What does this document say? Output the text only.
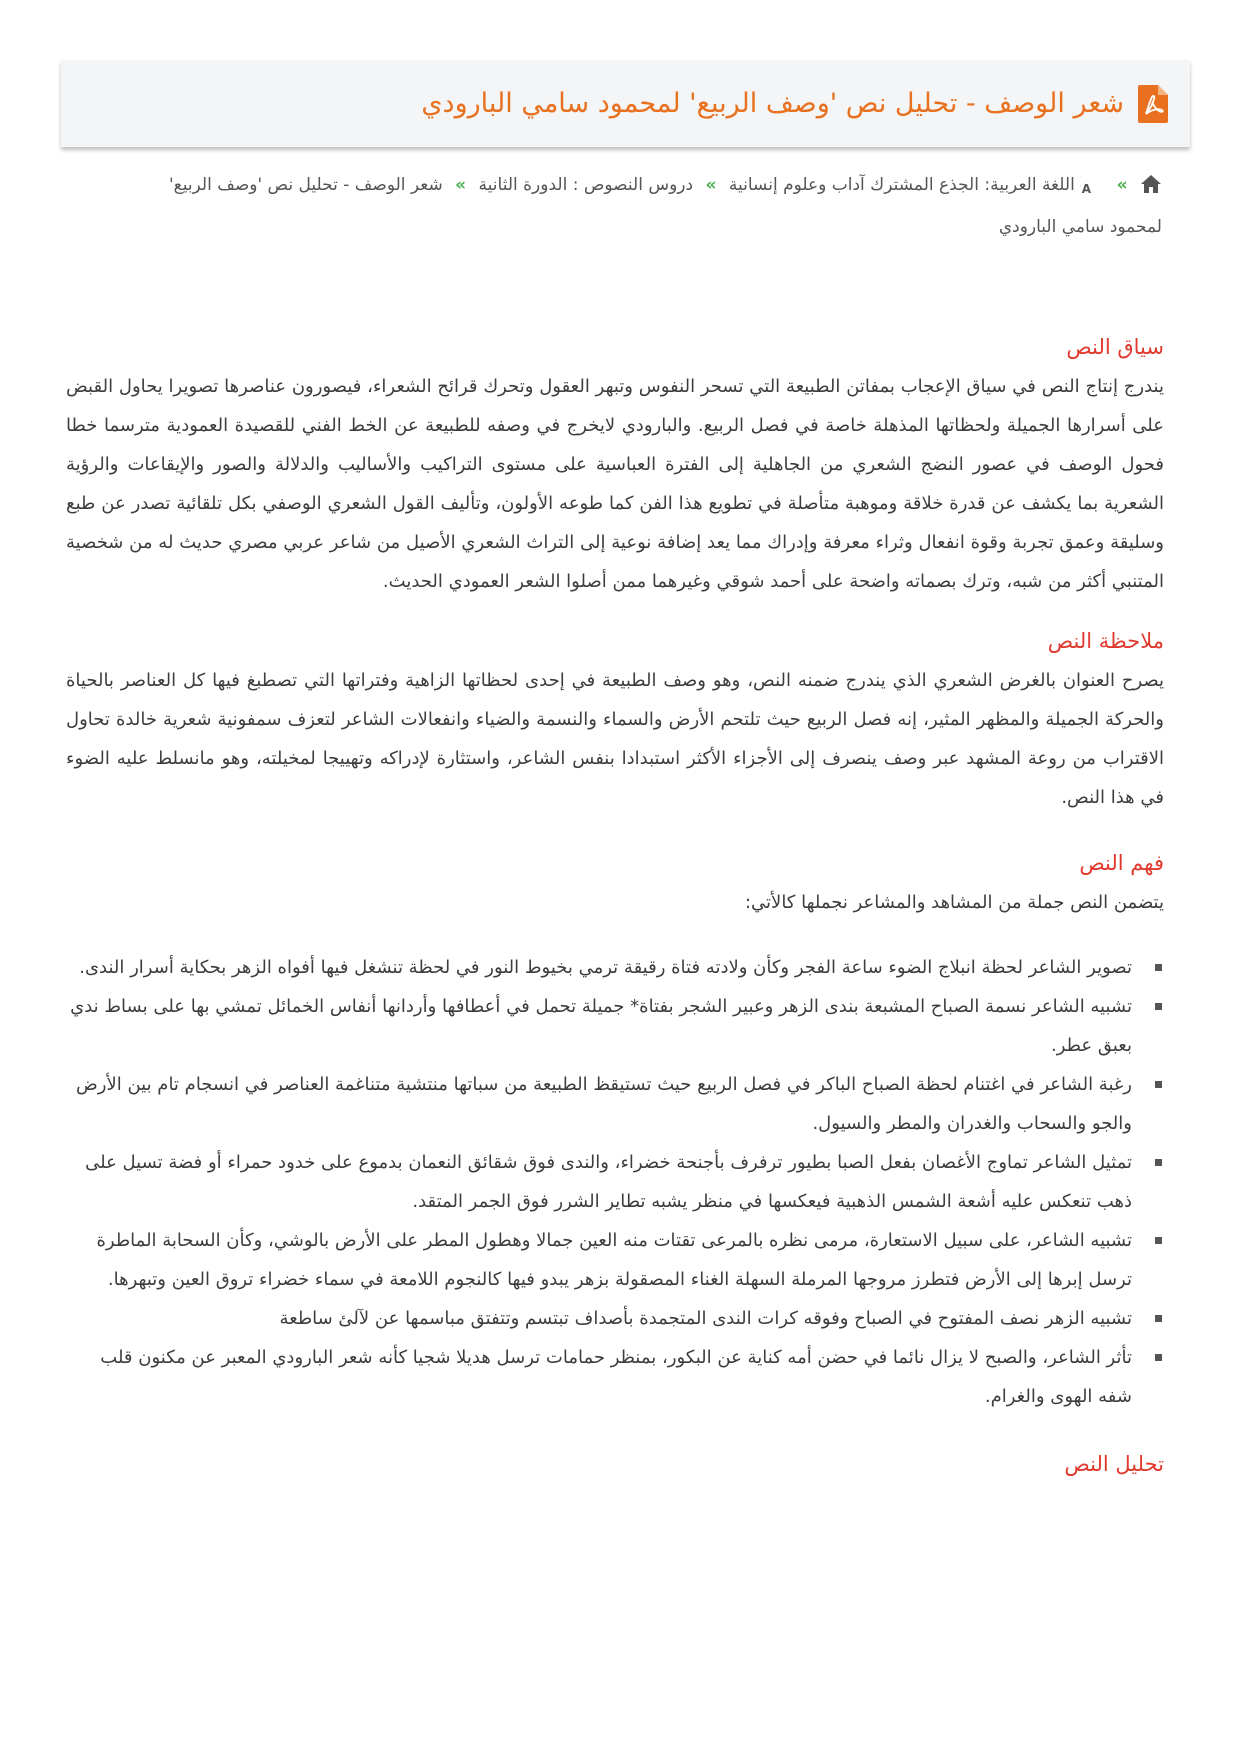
شعر الوصف - تحليل نص 'وصف الربيع' لمحمود سامي البارودي
»
A
اللغة العربية: الجذع المشترك آداب وعلوم إنسانية » دروس النصوص : الدورة الثانية » شعر الوصف - تحليل نص 'وصف الربيع' لمحمود سامي البارودي
سياق النص

يندرج إنتاج النص في سياق الإعجاب بمفاتن الطبيعة التي تسحر النفوس وتبهر العقول وتحرك قرائح الشعراء، فيصورون عناصرها تصويرا يحاول القبض على أسرارها الجميلة ولحظاتها المذهلة خاصة في فصل الربيع. والبارودي لايخرج في وصفه للطبيعة عن الخط الفني للقصيدة العمودية مترسما خطا فحول الوصف في عصور النضج الشعري من الجاهلية إلى الفترة العباسية على مستوى التراكيب والأساليب والدلالة والصور والإيقاعات والرؤية الشعرية بما يكشف عن قدرة خلاقة وموهبة متأصلة في تطويع هذا الفن كما طوعه الأولون، وتأليف القول الشعري الوصفي بكل تلقائية تصدر عن طبع وسليقة وعمق تجربة وقوة انفعال وثراء معرفة وإدراك مما يعد إضافة نوعية إلى التراث الشعري الأصيل من شاعر عربي مصري حديث له من شخصية المتنبي أكثر من شبه، وترك بصماته واضحة على أحمد شوقي وغيرهما ممن أصلوا الشعر العمودي الحديث.

ملاحظة النص

يصرح العنوان بالغرض الشعري الذي يندرج ضمنه النص، وهو وصف الطبيعة في إحدى لحظاتها الزاهية وفتراتها التي تصطبغ فيها كل العناصر بالحياة والحركة الجميلة والمظهر المثير، إنه فصل الربيع حيث تلتحم الأرض والسماء والنسمة والضياء وانفعالات الشاعر لتعزف سمفونية شعرية خالدة تحاول الاقتراب من روعة المشهد عبر وصف ينصرف إلى الأجزاء الأكثر استبدادا بنفس الشاعر، واستثارة لإدراكه وتهييجا لمخيلته، وهو مانسلط عليه الضوء في هذا النص.

فهم النص

يتضمن النص جملة من المشاهد والمشاعر نجملها كالأتي:

تصوير الشاعر لحظة انبلاج الضوء ساعة الفجر وكأن ولادته فتاة رقيقة ترمي بخيوط النور في لحظة تنشغل فيها أفواه الزهر بحكاية أسرار الندى.
تشبيه الشاعر نسمة الصباح المشبعة بندى الزهر وعبير الشجر بفتاة* جميلة تحمل في أعطافها وأردانها أنفاس الخمائل تمشي بها على بساط ندي بعبق عطر.
رغبة الشاعر في اغتنام لحظة الصباح الباكر في فصل الربيع حيث تستيقظ الطبيعة من سباتها منتشية متناغمة العناصر في انسجام تام بين الأرض والجو والسحاب والغدران والمطر والسيول.
تمثيل الشاعر تماوج الأغصان بفعل الصبا بطيور ترفرف بأجنحة خضراء، والندى فوق شقائق النعمان بدموع على خدود حمراء أو فضة تسيل على ذهب تنعكس عليه أشعة الشمس الذهبية فيعكسها في منظر يشبه تطاير الشرر فوق الجمر المتقد.
تشبيه الشاعر، على سبيل الاستعارة، مرمى نظره بالمرعى تقتات منه العين جمالا وهطول المطر على الأرض بالوشي، وكأن السحابة الماطرة ترسل إبرها إلى الأرض فتطرز مروجها المرملة السهلة الغناء المصقولة بزهر يبدو فيها كالنجوم اللامعة في سماء خضراء تروق العين وتبهرها.
تشبيه الزهر نصف المفتوح في الصباح وفوقه كرات الندى المتجمدة بأصداف تبتسم وتتفتق مباسمها عن لآلئ ساطعة
تأثر الشاعر، والصبح لا يزال نائما في حضن أمه كناية عن البكور، بمنظر حمامات ترسل هديلا شجيا كأنه شعر البارودي المعبر عن مكنون قلب شفه الهوى والغرام.
تحليل النص
